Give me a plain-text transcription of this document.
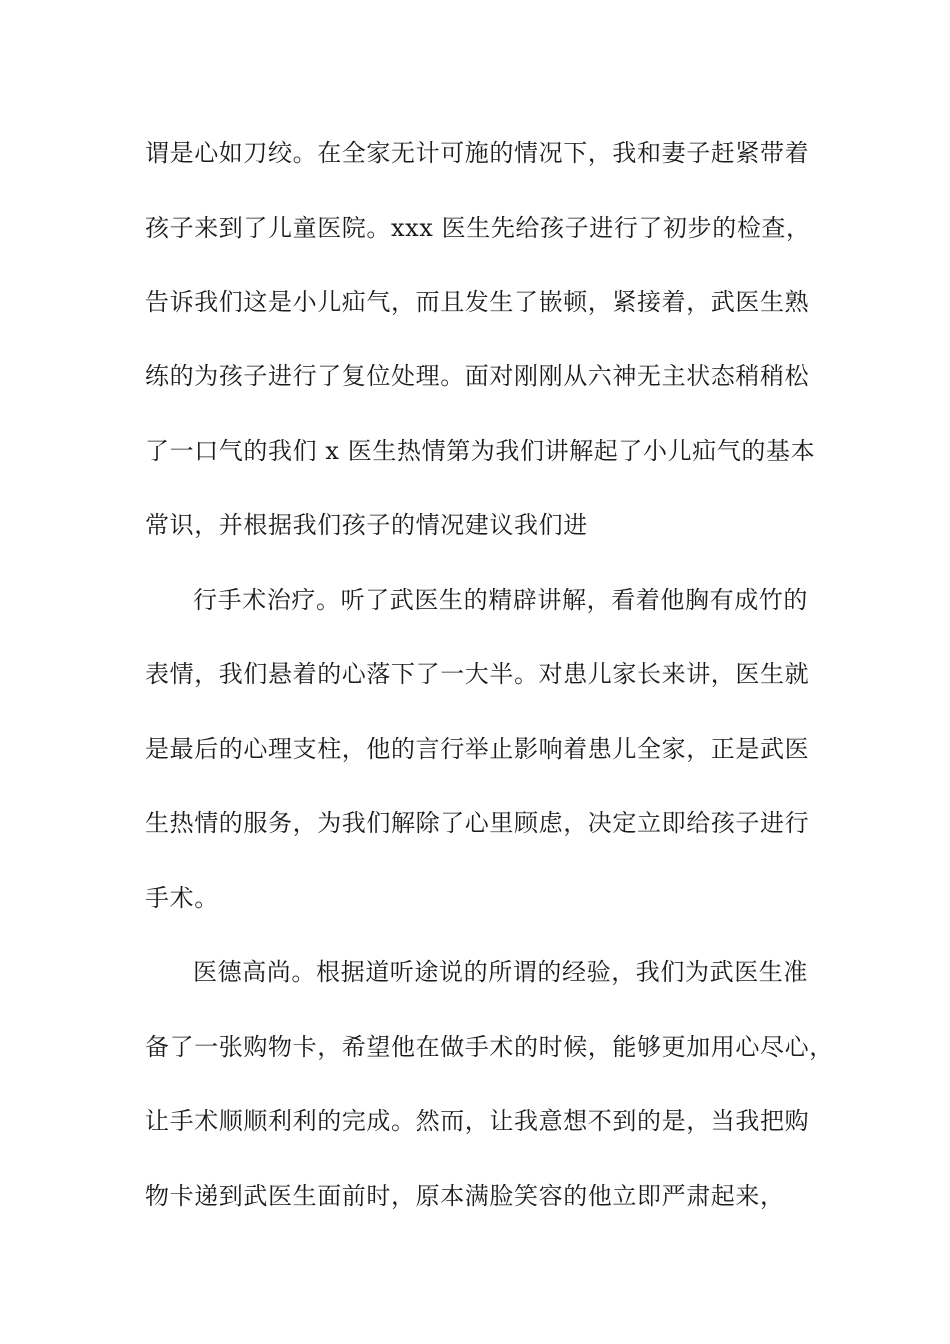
谓是心如刀绞。在全家无计可施的情况下，我和妻子赶紧带着

孩子来到了儿童医院。xxx 医生先给孩子进行了初步的检查，

告诉我们这是小儿疝气，而且发生了嵌顿，紧接着，武医生熟

练的为孩子进行了复位处理。面对刚刚从六神无主状态稍稍松

了一口气的我们 x 医生热情第为我们讲解起了小儿疝气的基本

常识，并根据我们孩子的情况建议我们进

行手术治疗。听了武医生的精辟讲解，看着他胸有成竹的

表情，我们悬着的心落下了一大半。对患儿家长来讲，医生就

是最后的心理支柱，他的言行举止影响着患儿全家，正是武医

生热情的服务，为我们解除了心里顾虑，决定立即给孩子进行

手术。

医德高尚。根据道听途说的所谓的经验，我们为武医生准

备了一张购物卡，希望他在做手术的时候，能够更加用心尽心，

让手术顺顺利利的完成。然而，让我意想不到的是，当我把购

物卡递到武医生面前时，原本满脸笑容的他立即严肃起来，
